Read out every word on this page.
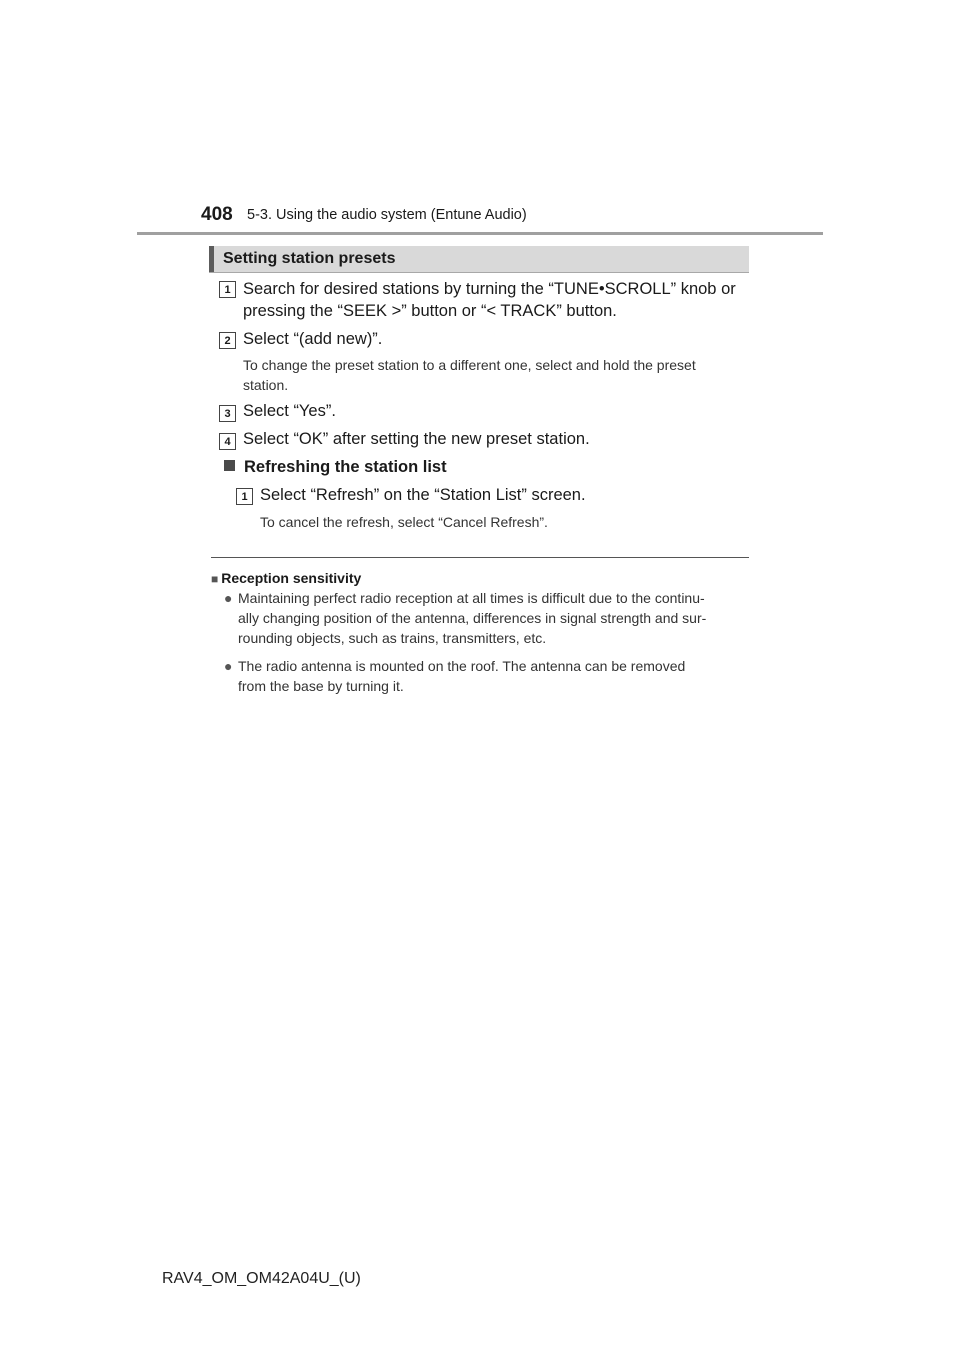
408 5-3. Using the audio system (Entune Audio)
Setting station presets
1 Search for desired stations by turning the “TUNE•SCROLL” knob or
pressing the “SEEK >” button or “< TRACK” button.
2 Select “(add new)”.
To change the preset station to a different one, select and hold the preset
station.
3 Select “Yes”.
4 Select “OK” after setting the new preset station.
Refreshing the station list
1 Select “Refresh” on the “Station List” screen.
To cancel the refresh, select “Cancel Refresh”.
■ Reception sensitivity
● Maintaining perfect radio reception at all times is difficult due to the continu-
ally changing position of the antenna, differences in signal strength and sur-
rounding objects, such as trains, transmitters, etc.
● The radio antenna is mounted on the roof. The antenna can be removed
from the base by turning it.
RAV4_OM_OM42A04U_(U)
